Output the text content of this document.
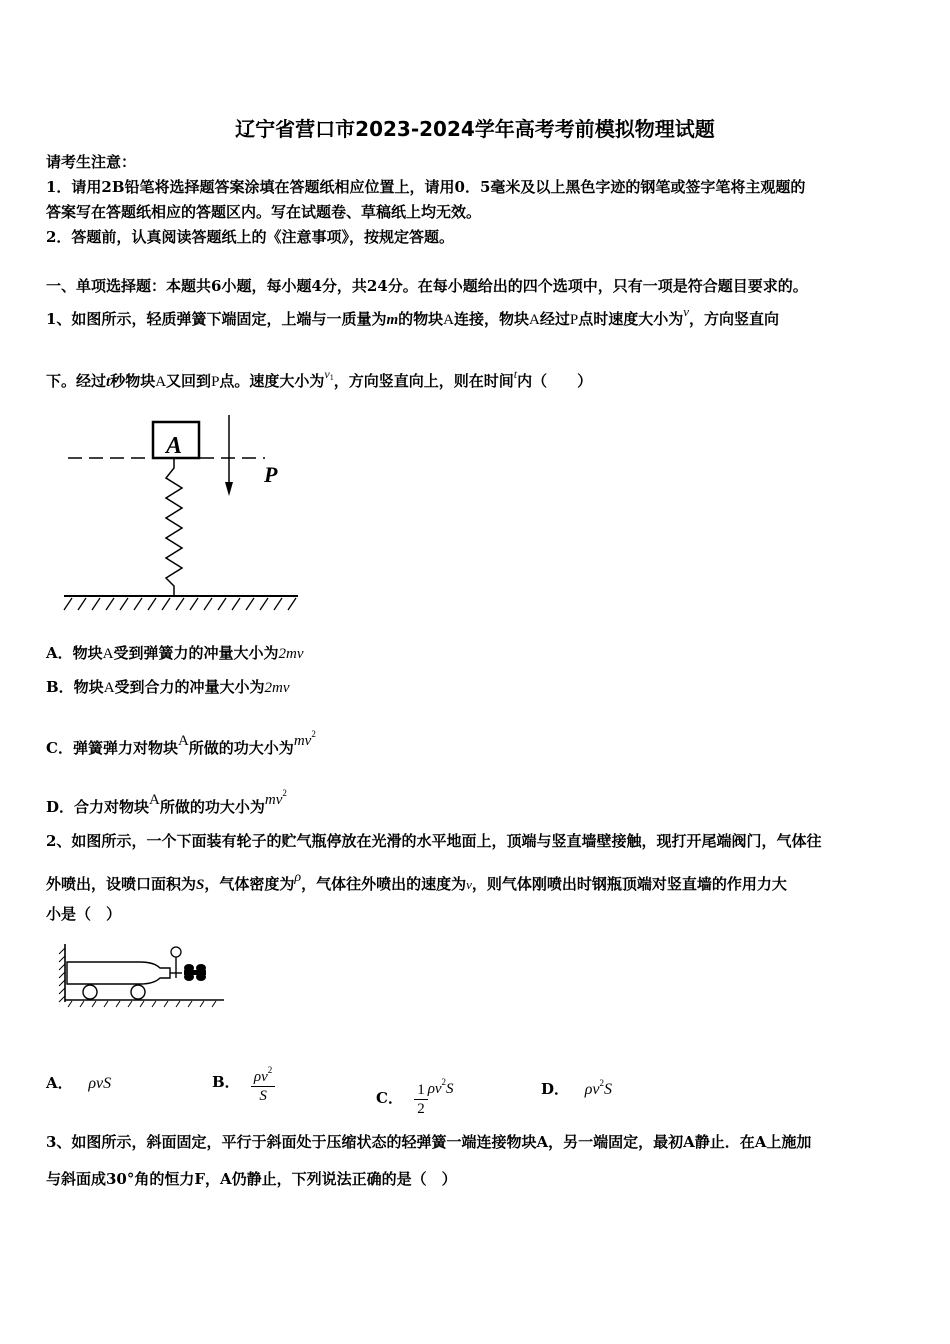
辽宁省营口市2023-2024学年高考考前模拟物理试题
请考生注意：
1．请用2B铅笔将选择题答案涂填在答题纸相应位置上，请用0．5毫米及以上黑色字迹的钢笔或签字笔将主观题的
答案写在答题纸相应的答题区内。写在试题卷、草稿纸上均无效。
2．答题前，认真阅读答题纸上的《注意事项》，按规定答题。
一、单项选择题：本题共6小题，每小题4分，共24分。在每小题给出的四个选项中，只有一项是符合题目要求的。
1、如图所示，轻质弹簧下端固定，上端与一质量为m的物块A连接，物块A经过P点时速度大小为v，方向竖直向
下。经过t秒物块A又回到P点。速度大小为$^{v1}$，方向竖直向上，则在时间$^t$内（　　）
A
P
A．物块A受到弹簧力的冲量大小为2mv
B．物块A受到合力的冲量大小为2mv
C．弹簧弹力对物块A所做的功大小为$mv^2$
D．合力对物块A所做的功大小为$mv^2$
2、如图所示，一个下面装有轮子的贮气瓶停放在光滑的水平地面上，顶端与竖直墙壁接触，现打开尾端阀门，气体往
外喷出，设喷口面积为S，气体密度为ρ，气体往外喷出的速度为v，则气体刚喷出时钢瓶顶端对竖直墙的作用力大
小是（　）
A． ρvS	B． $\frac{\rho v^2}{S}$	C． $\frac{1}{2} \rho v^2S$	D． $\rho v^2S$
3、如图所示，斜面固定，平行于斜面处于压缩状态的轻弹簧一端连接物块A，另一端固定，最初A静止．在A上施加
与斜面成30°角的恒力F，A仍静止，下列说法正确的是（　）
